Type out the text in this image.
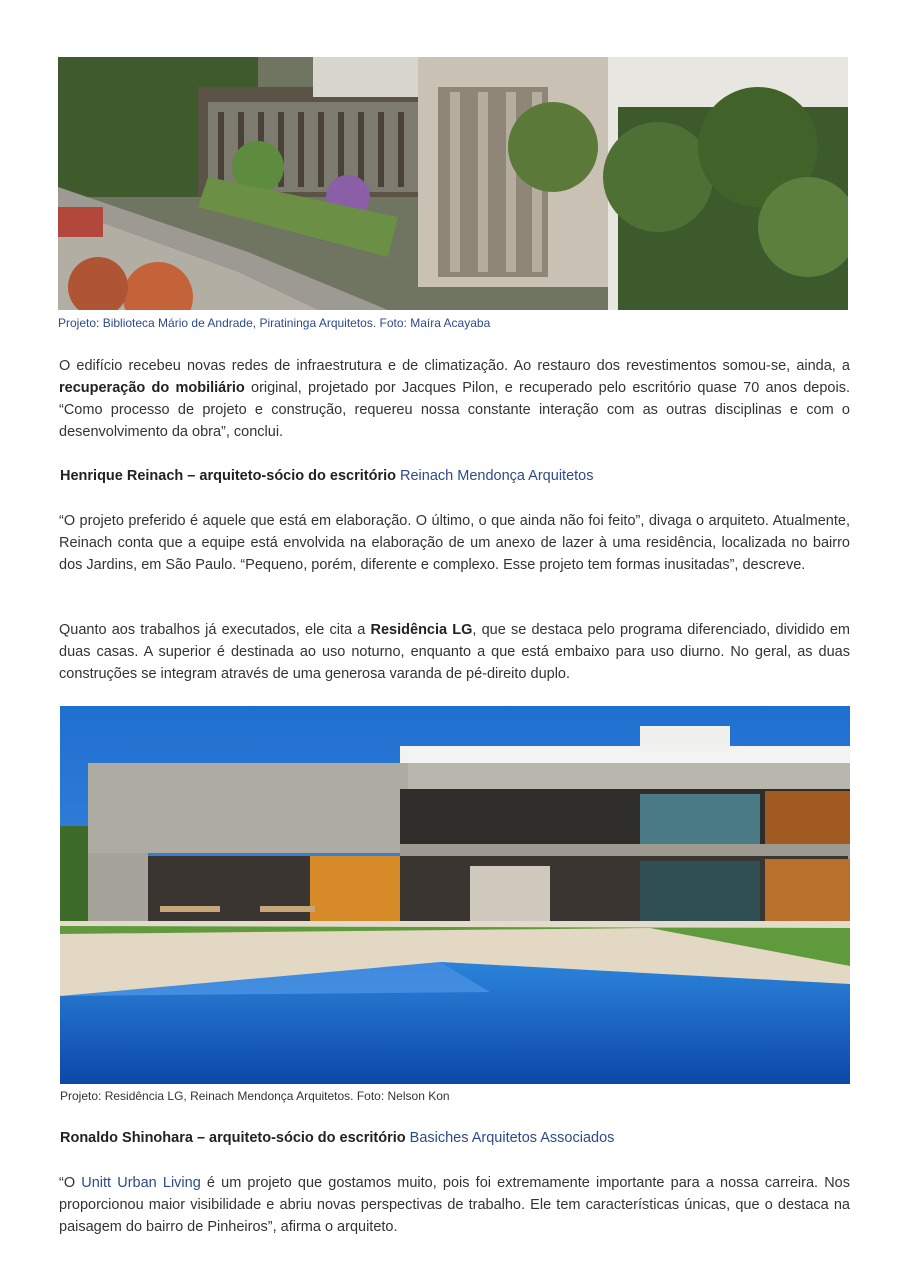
Projeto: Biblioteca Mário de Andrade, Piratininga Arquitetos. Foto: Maíra Acayaba

O edifício recebeu novas redes de infraestrutura e de climatização. Ao restauro dos revestimentos somou-se, ainda, a recuperação do mobiliário original, projetado por Jacques Pilon, e recuperado pelo escritório quase 70 anos depois. “Como processo de projeto e construção, requereu nossa constante interação com as outras disciplinas e com o desenvolvimento da obra”, conclui.

Henrique Reinach – arquiteto-sócio do escritório Reinach Mendonça Arquitetos

“O projeto preferido é aquele que está em elaboração. O último, o que ainda não foi feito”, divaga o arquiteto. Atualmente, Reinach conta que a equipe está envolvida na elaboração de um anexo de lazer à uma residência, localizada no bairro dos Jardins, em São Paulo. “Pequeno, porém, diferente e complexo. Esse projeto tem formas inusitadas”, descreve.

Quanto aos trabalhos já executados, ele cita a Residência LG, que se destaca pelo programa diferenciado, dividido em duas casas. A superior é destinada ao uso noturno, enquanto a que está embaixo para uso diurno. No geral, as duas construções se integram através de uma generosa varanda de pé-direito duplo.

Projeto: Residência LG, Reinach Mendonça Arquitetos. Foto: Nelson Kon

Ronaldo Shinohara – arquiteto-sócio do escritório Basiches Arquitetos Associados

“O Unitt Urban Living é um projeto que gostamos muito, pois foi extremamente importante para a nossa carreira. Nos proporcionou maior visibilidade e abriu novas perspectivas de trabalho. Ele tem características únicas, que o destaca na paisagem do bairro de Pinheiros”, afirma o arquiteto.
